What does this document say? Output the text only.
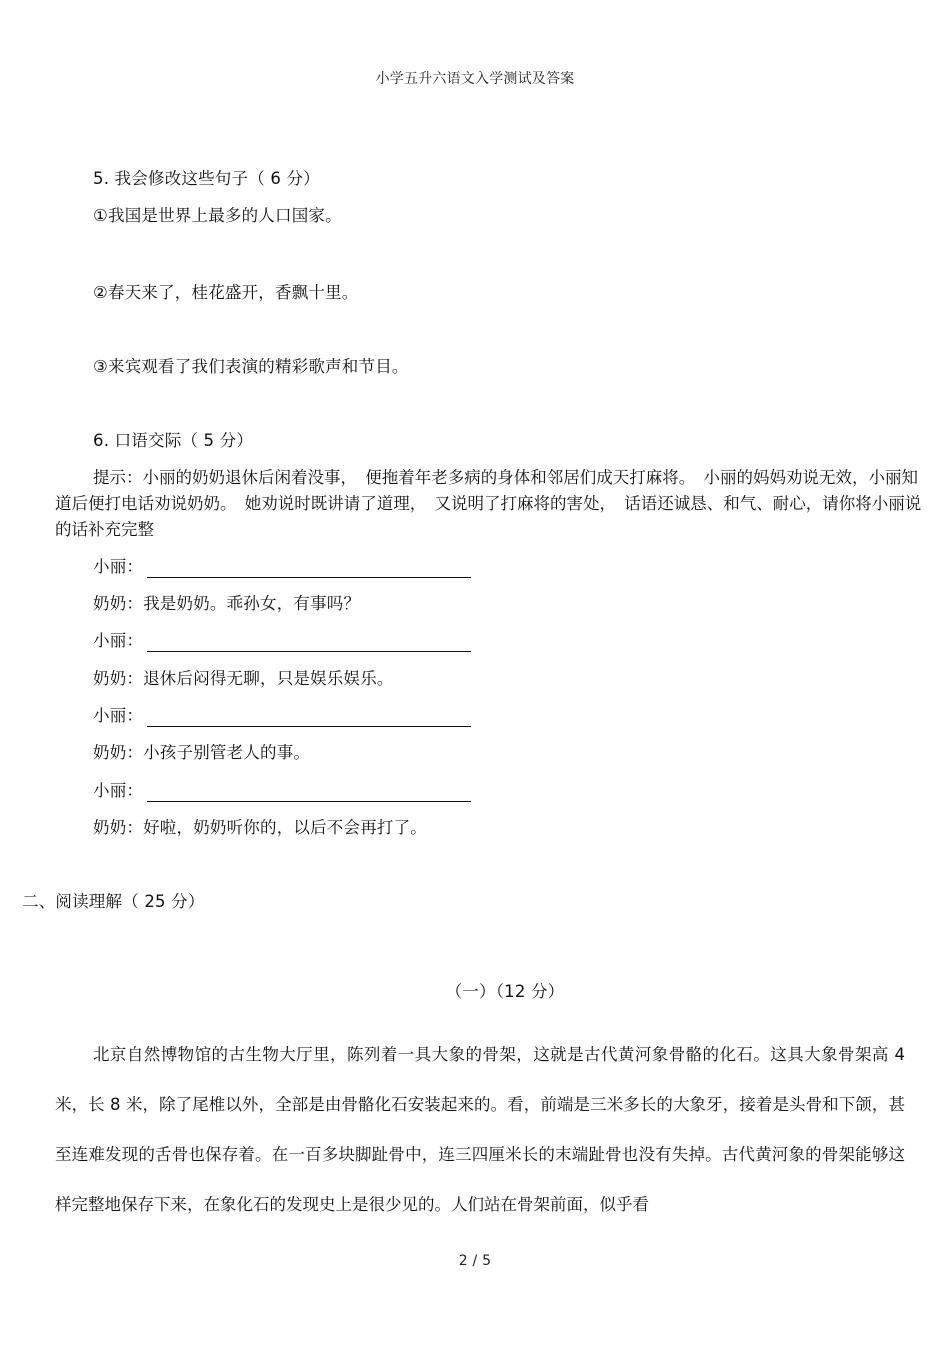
小学五升六语文入学测试及答案
5. 我会修改这些句子（ 6 分）
①我国是世界上最多的人口国家。
②春天来了，桂花盛开，香飘十里。
③来宾观看了我们表演的精彩歌声和节目。
6. 口语交际（ 5 分）

提示：小丽的奶奶退休后闲着没事，　便拖着年老多病的身体和邻居们成天打麻将。　小丽的妈妈劝说无效，小丽知道后便打电话劝说奶奶。　她劝说时既讲请了道理，　又说明了打麻将的害处，　话语还诚恳、和气、耐心，请你将小丽说的话补充完整

小丽：
奶奶：我是奶奶。乖孙女，有事吗？
小丽：
奶奶：退休后闷得无聊，只是娱乐娱乐。
小丽：
奶奶：小孩子别管老人的事。
小丽：
奶奶：好啦，奶奶听你的，以后不会再打了。
二、阅读理解（ 25 分）
（一）（12 分）
北京自然博物馆的古生物大厅里，陈列着一具大象的骨架，这就是古代黄河象骨骼的化石。这具大象骨架高 4 米，长 8 米，除了尾椎以外，全部是由骨骼化石安装起来的。看，前端是三米多长的大象牙，接着是头骨和下颌，甚至连难发现的舌骨也保存着。在一百多块脚趾骨中，连三四厘米长的末端趾骨也没有失掉。古代黄河象的骨架能够这样完整地保存下来，在象化石的发现史上是很少见的。人们站在骨架前面，似乎看
2 / 5
